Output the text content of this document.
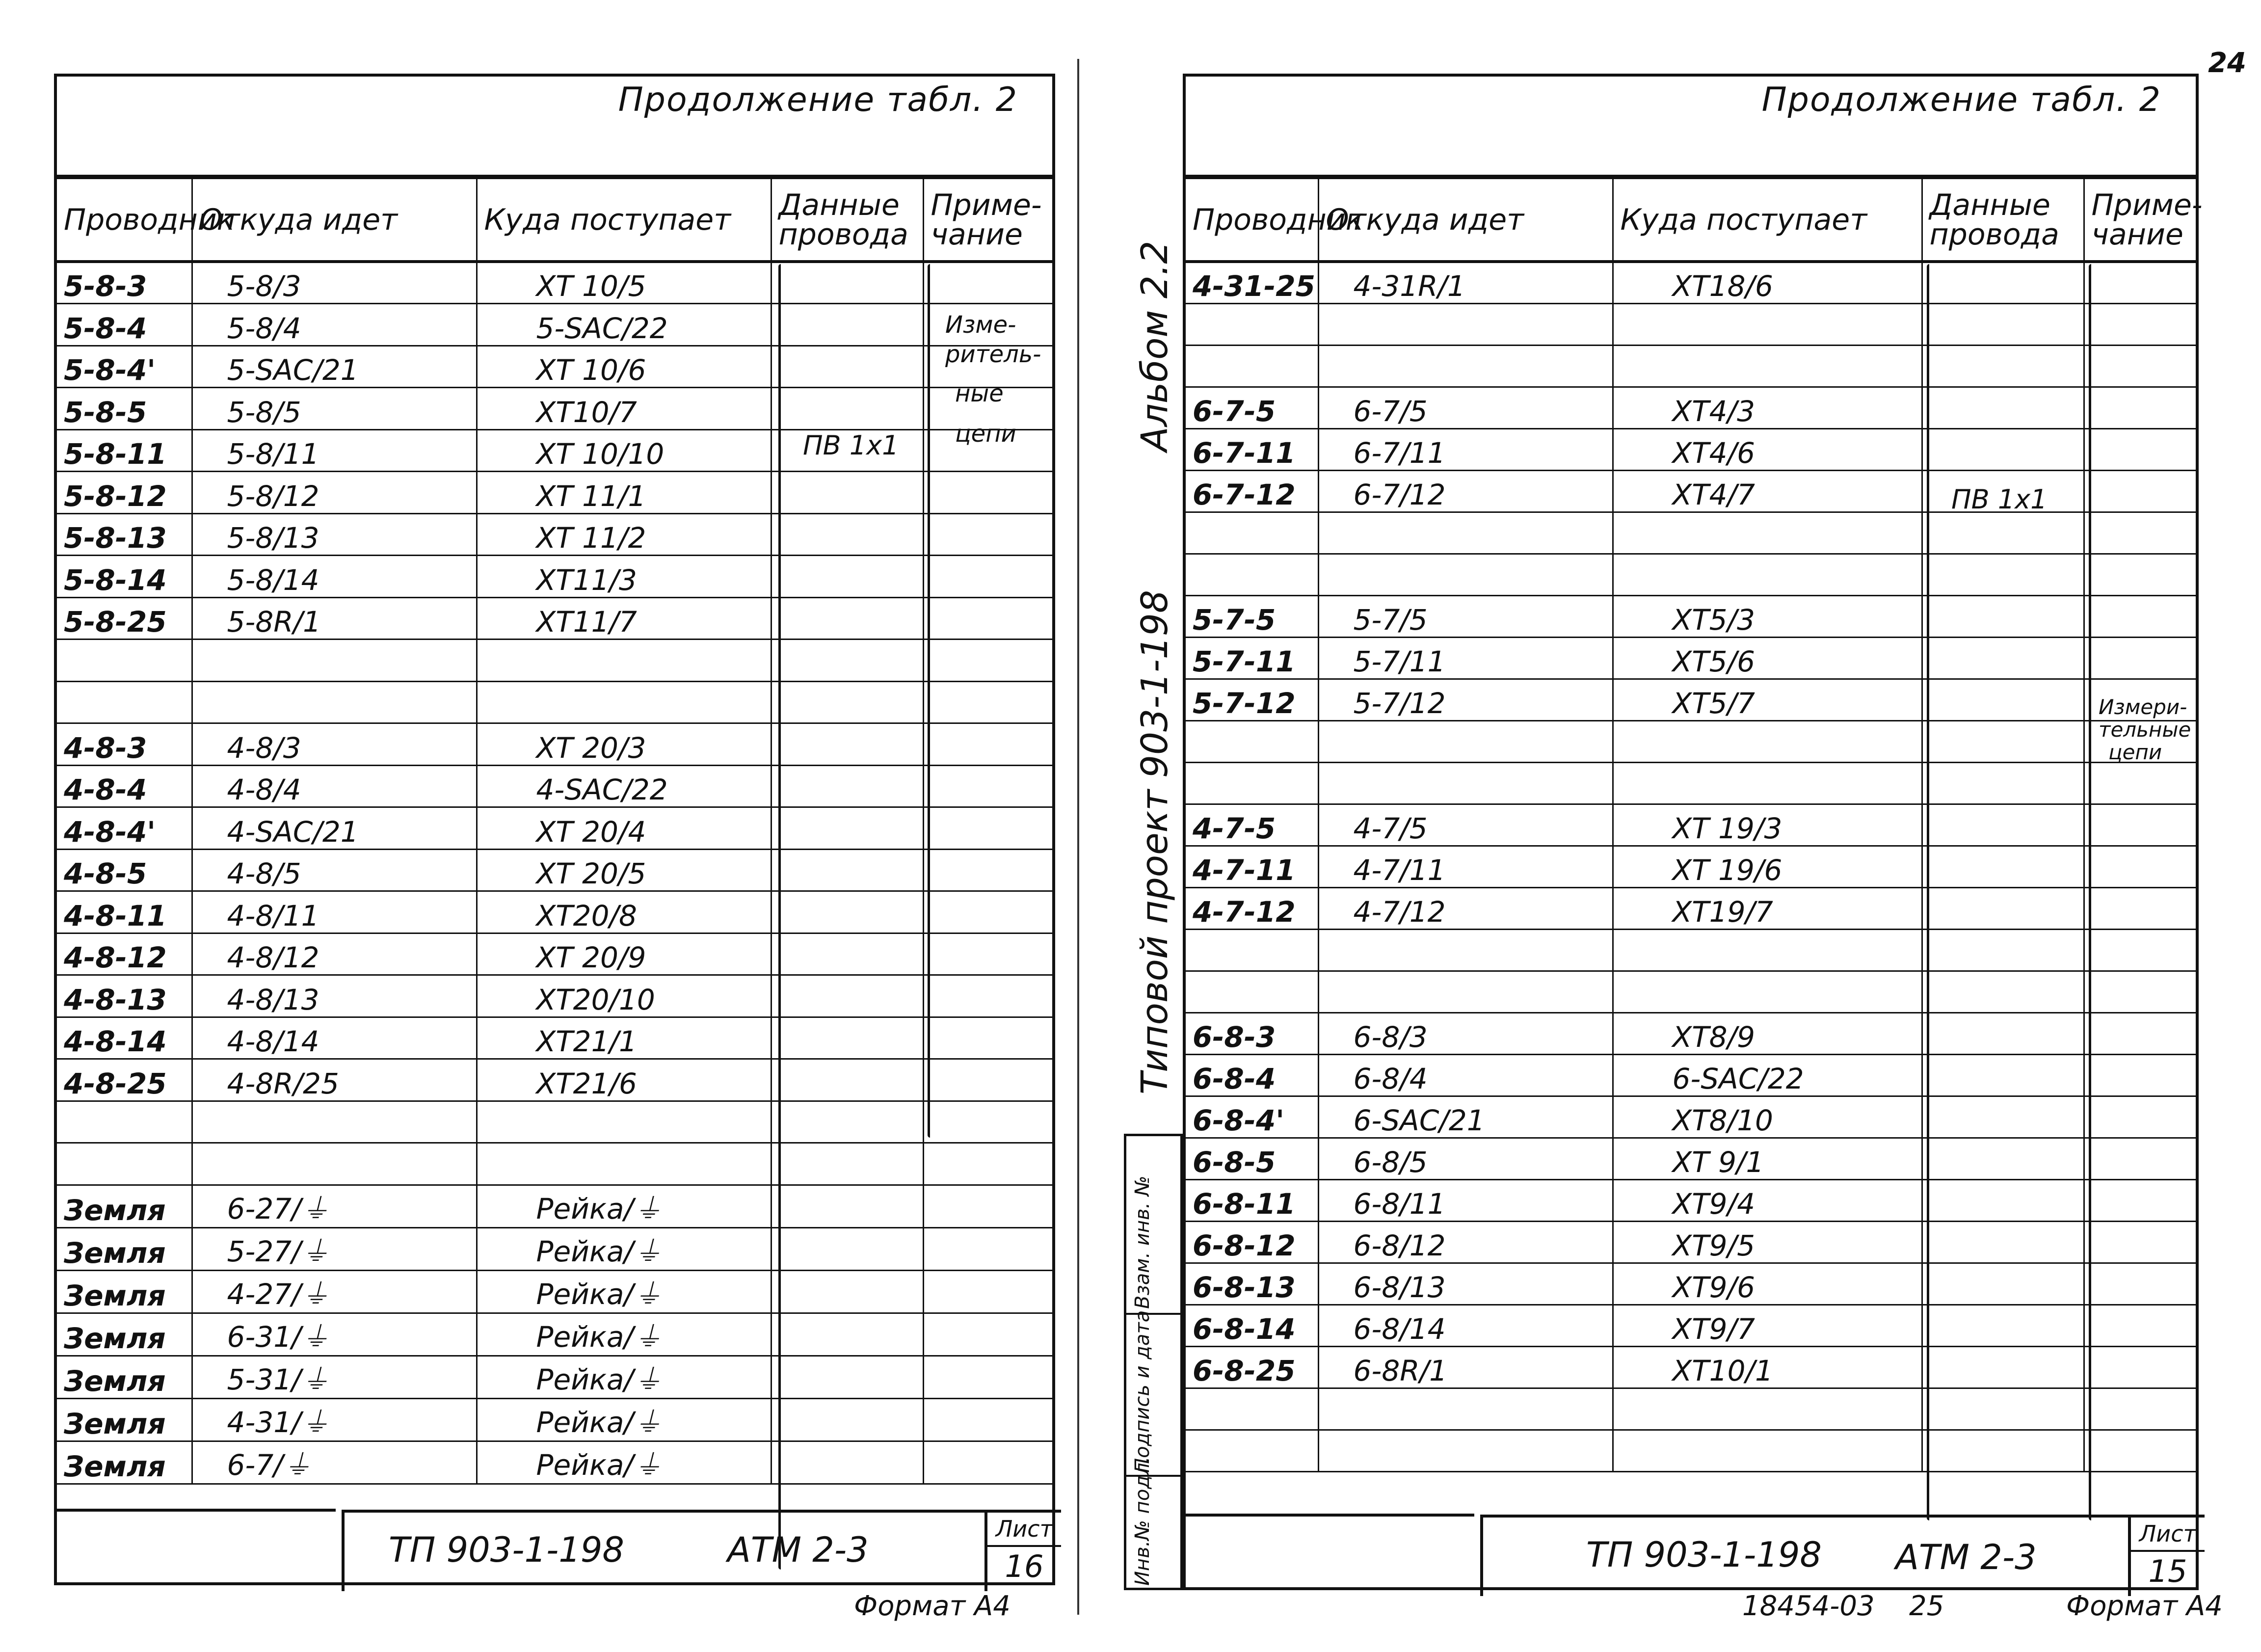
24
Продолжение табл. 2
Проводник	Откуда идет	Куда поступает	Данные провода	Приме-чание
5-8-3	5-8/3	XT 10/5		
5-8-4	5-8/4	5-SAC/22		
5-8-4'	5-SAC/21	XT 10/6		
5-8-5	5-8/5	XT10/7		
5-8-11	5-8/11	XT 10/10		
5-8-12	5-8/12	XT 11/1		
5-8-13	5-8/13	XT 11/2		
5-8-14	5-8/14	XT11/3		
5-8-25	5-8R/1	XT11/7		

4-8-3	4-8/3	XT 20/3		
4-8-4	4-8/4	4-SAC/22		
4-8-4'	4-SAC/21	XT 20/4		
4-8-5	4-8/5	XT 20/5		
4-8-11	4-8/11	XT20/8		
4-8-12	4-8/12	XT 20/9		
4-8-13	4-8/13	XT20/10		
4-8-14	4-8/14	XT21/1		
4-8-25	4-8R/25	XT21/6		

Земля	6-27/⏚	Рейка/⏚		
Земля	5-27/⏚	Рейка/⏚		
Земля	4-27/⏚	Рейка/⏚		
Земля	6-31/⏚	Рейка/⏚		
Земля	5-31/⏚	Рейка/⏚		
Земля	4-31/⏚	Рейка/⏚		
Земля	6-7/⏚	Рейка/⏚		
ПВ 1x1
Изме-
ритель-
ные
цепи
ТП 903-1-198	АТМ 2-3
Лист
16
Формат А4
Альбом 2.2
Типовой проект 903-1-198
Взам. инв. №
Подпись и дата
Инв.№ подл.
Продолжение табл. 2
Проводник	Откуда идет	Куда поступает	Данные провода	Приме-чание
4-31-25	4-31R/1	XT18/6		

6-7-5	6-7/5	XT4/3		
6-7-11	6-7/11	XT4/6		
6-7-12	6-7/12	XT4/7		

5-7-5	5-7/5	XT5/3		
5-7-11	5-7/11	XT5/6		
5-7-12	5-7/12	XT5/7		

4-7-5	4-7/5	XT 19/3		
4-7-11	4-7/11	XT 19/6		
4-7-12	4-7/12	XT19/7		

6-8-3	6-8/3	XT8/9		
6-8-4	6-8/4	6-SAC/22		
6-8-4'	6-SAC/21	XT8/10		
6-8-5	6-8/5	XT 9/1		
6-8-11	6-8/11	XT9/4		
6-8-12	6-8/12	XT9/5		
6-8-13	6-8/13	XT9/6		
6-8-14	6-8/14	XT9/7		
6-8-25	6-8R/1	XT10/1		

ПВ 1x1
Измери-
тельные
цепи
ТП 903-1-198 АТМ 2-3
Лист
15
18454-03 25	Формат А4
